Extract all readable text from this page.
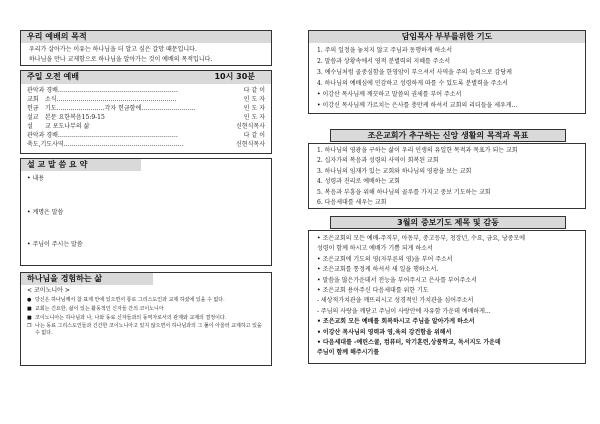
우리 예배의 목적
우리가 살아가는 이유는 하나님을 더 알고 싶은 갈망 때문입니다.
하나님을 만나 교제함으로 하나님을 알아가는 것이 예배의 목적입니다.
주일 오전 예배	10시 30분
관악과 경배 ……………………………………………………	다 같 이
교회	소식……………………………………………………	인 도 자
헌금	기도……………………각자 헌금함에………………………	인 도 자
설교	본문 요한복음15:9-15	인 도 자
설	교 포도나무의 삶	신현식목사
관악과 경배 ……………………………………………………	다 같 이
축도,기도사역 ……………………………………………………	신현식목사
설 교 말 씀 요 약
• 내용
• 계명은 말씀
• 주님이 주시는 말씀
하나님을 경험하는 삶
< 코이노니아 >
● 당신은 하나님께서 참 표제 안에 있으면서 통로 그리스도인과 교제 하셨에 있을 수 없다.
■ 교회는 긴요한, 삶이 있는 활동적인 신자들 간의 코이노니아
■ 코이노니아는 하나님과 나, 나와 동료 신자들과의 동역자로서의 관계와 교제의 결정이다.
❒ 나는 동료 그리스도인들과 긴간한 코이노니아고 있지 않으면서 하나님과의 그 풀이 아울러 교제하고 있을 수 없다.
담임목사 부부를위한 기도
1. 주의 일정을 놓치지 않고 주님과 동행하게 하소서
2. 말씀과 상황속에서 영적 분별력의 지혜를 주소서
3. 예수님처럼 골중심함을 한영암이 부으셔서 사역을 주의 능력으로 감당케
4. 하나님의 예배심에 민감하고 성령하게 따를 수 있도록 분별력을 주소서
• 이강산 목사님께 깨끗하고 말씀의 권세를 부어 주소서
• 이강신 목사님께 가르치는 은사를 충만케 하셔서 교회의 리더들을 세우게...
조은교회가 추구하는 신앙 생활의 목적과 목표
1. 하나님의 영광을 구하는 삶이 우리 인생의 유일한 목적과 목표가 되는 교회
2. 십자가의 복음과 성령의 사역이 회복된 교회
3. 하나님의 임재가 있는 교회와 하나님의 영광을 보는 교회
4. 성령과 진리로 예배하는 교회
5. 복음과 부흥을 위해 하나님의 골루를 가지고 중보 기도하는 교회
6. 다음세대를 세우는 교회
3월의 중보기도 제목 및 감동
• 조은교회의 모든 예배-주직부, 아동부, 중고등부, 청장년, 수요, 금요, 낭중모에
성령이 함께 하시고 예배가 기쁨 되게 하소서
• 조은교회에 기도의 영(자부른의 영)을 부어 주소서
• 조은교회를 통정케 하셔서 새 일을 행하소서.
• 말씀을 많은가운데서 전능을 부어주시고 은사를 부어주소서
• 조은교회 용아주신 다음세대를 위한 기도
- 세상적가치관을 깨뜨리시고 성경적인 가치관을 심어주소서
- 주님의 사랑을 깨닫고 주님이 사랑안에 자유함 가운데 예배하게...
• 조은교회 모든 예배를 회복하시고 주님을 알아가게 하소서
• 이강산 목사님의 영력과 영,육의 강건함을 위해서
• 다음세대를 -예린스쿨, 컴퓨터, 악기훈련,상품학교, 독서지도 가운데
주님이 함께 해주시기를
